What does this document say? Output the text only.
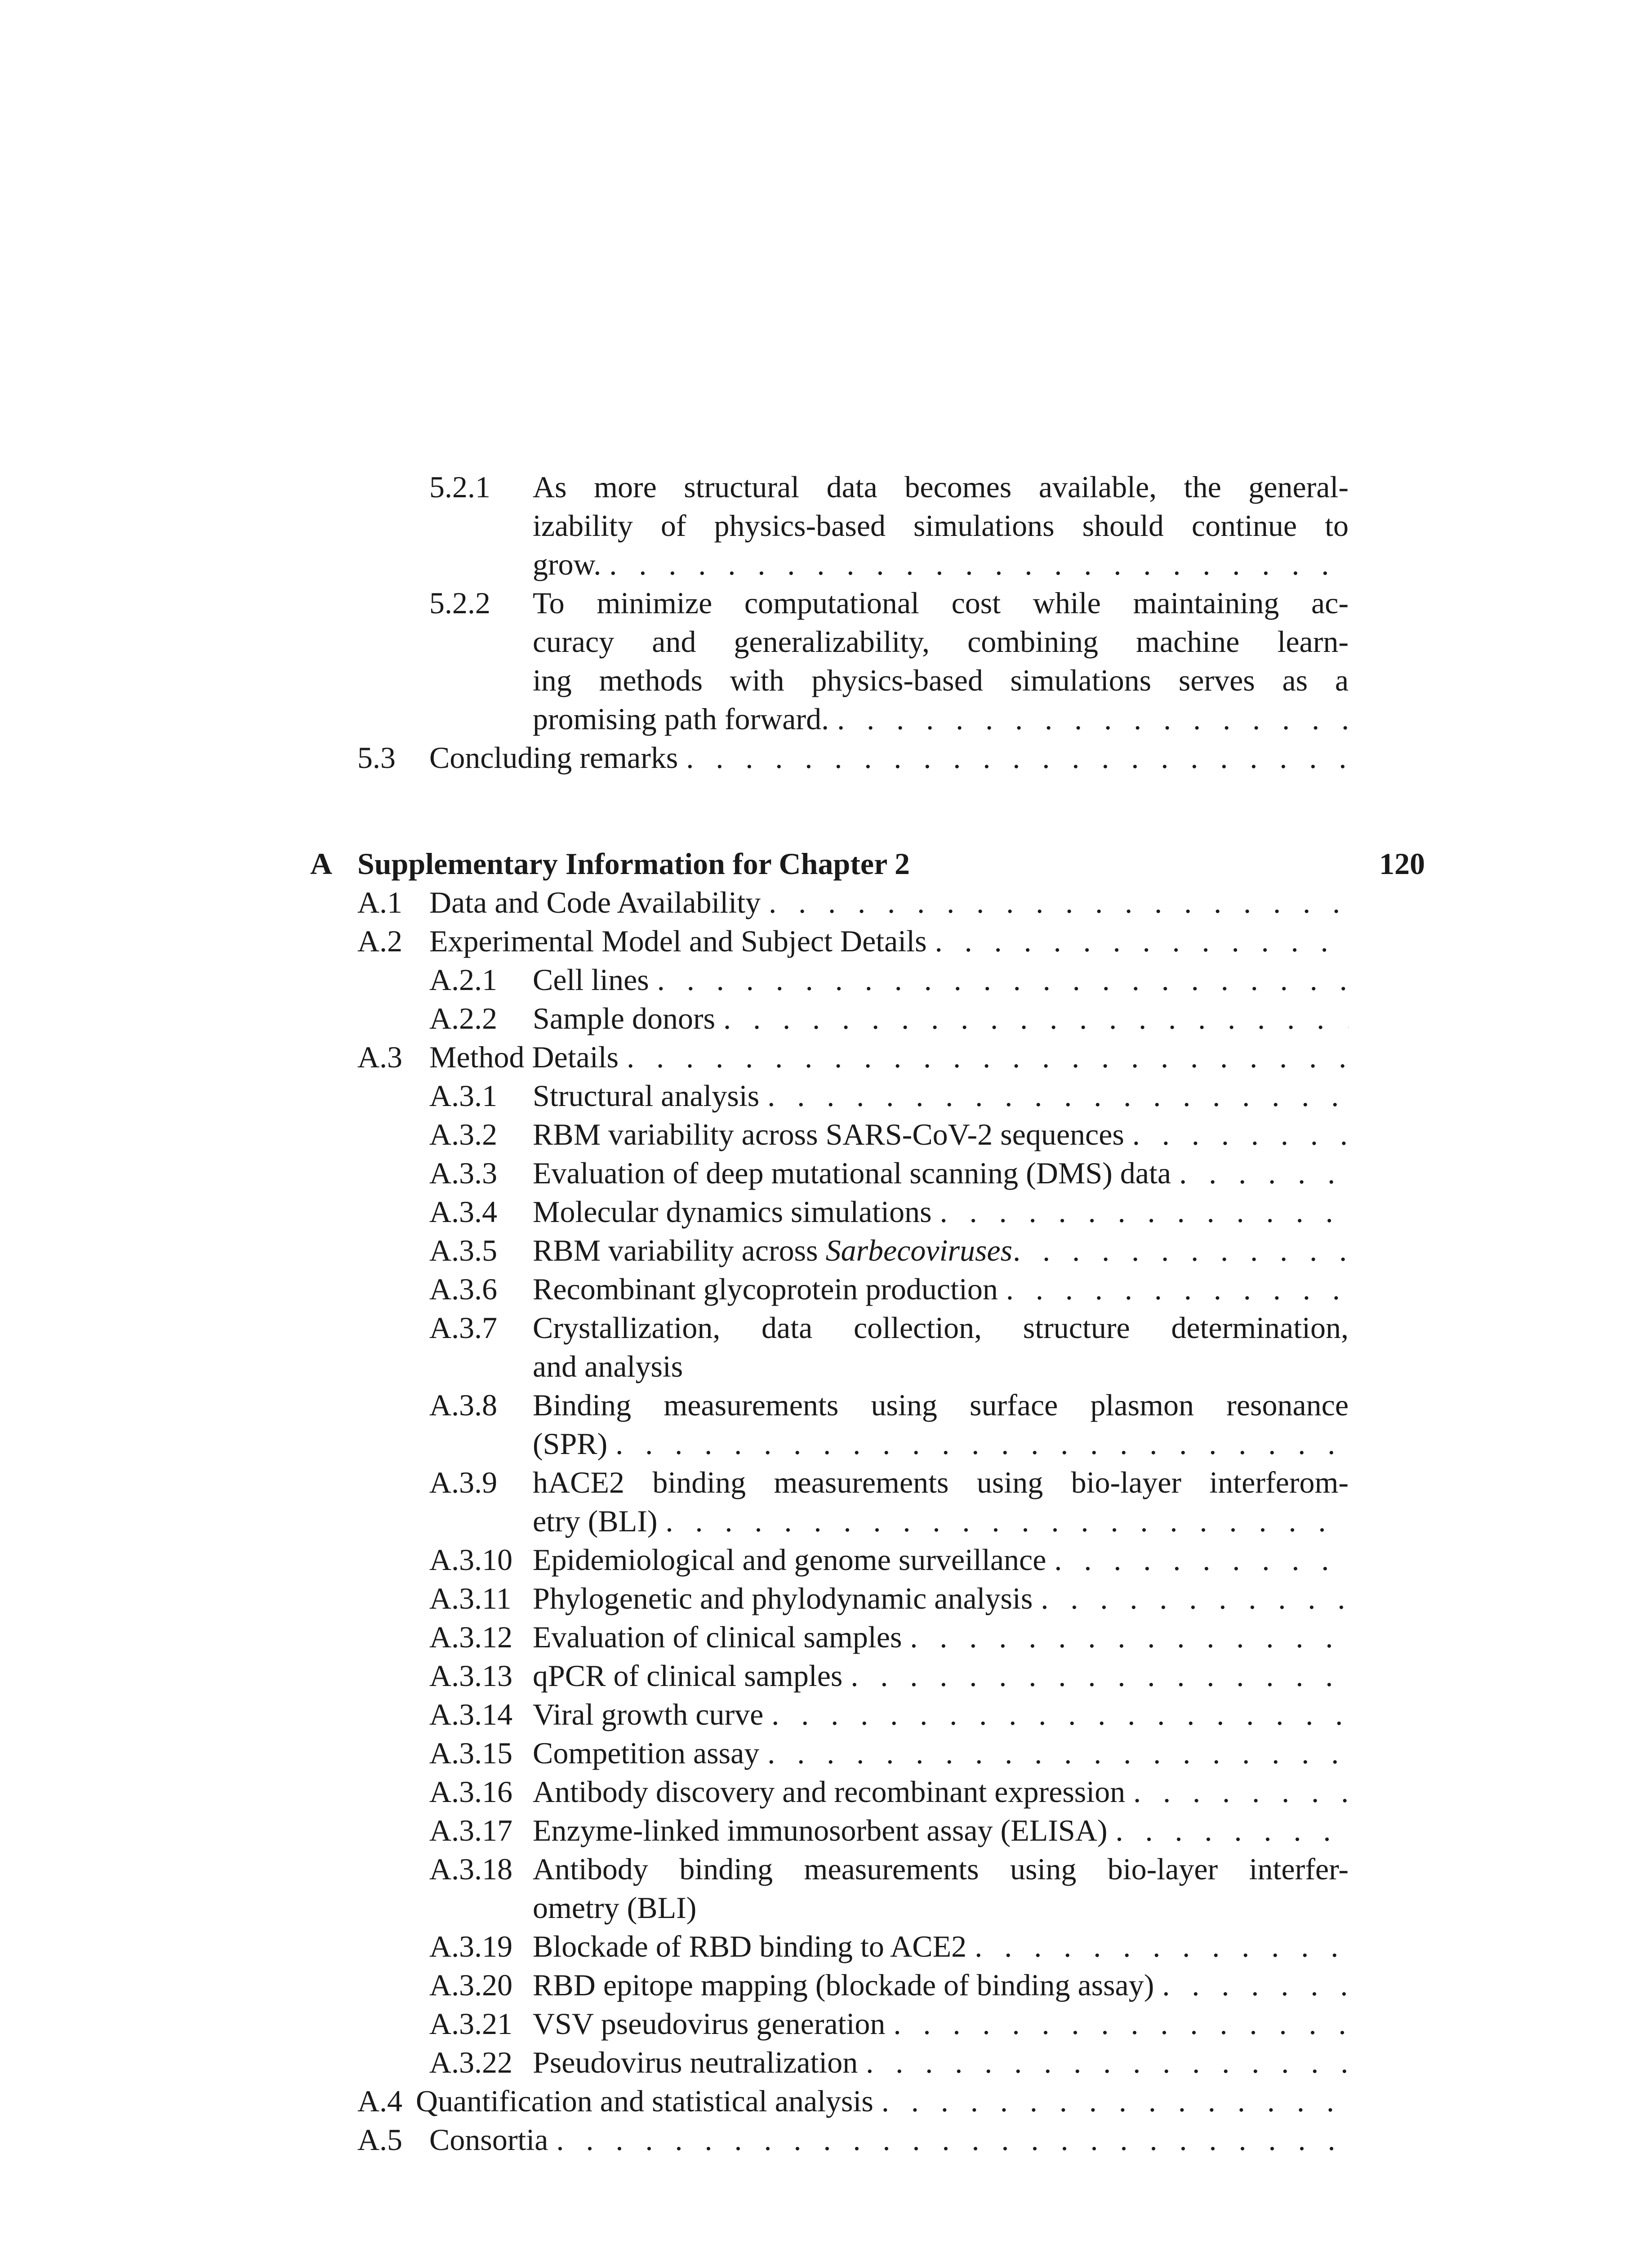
5.2.1 As more structural data becomes available, the general-
izability of physics-based simulations should continue to
grow.
. . .
5.2.2 To minimize computational cost while maintaining ac-
curacy and generalizability, combining machine learn-
ing methods with physics-based simulations serves as a
promising path forward.
. . .
5.3 Concluding remarks
. . .
A Supplementary Information for Chapter 2	120
A.1 Data and Code Availability
. . .
A.2 Experimental Model and Subject Details
. . .
A.2.1 Cell lines
. . .
A.2.2 Sample donors
. . .
A.3 Method Details
. . .
A.3.1 Structural analysis
. . .
A.3.2 RBM variability across SARS-CoV-2 sequences
. . .
A.3.3 Evaluation of deep mutational scanning (DMS) data
. . .
A.3.4 Molecular dynamics simulations
. . .
A.3.5 RBM variability across Sarbecoviruses
. . .
A.3.6 Recombinant glycoprotein production
. . .
A.3.7 Crystallization, data collection, structure determination,
and analysis
A.3.8 Binding measurements using surface plasmon resonance
(SPR)
. . .
A.3.9 hACE2 binding measurements using bio-layer interferom-
etry (BLI)
. . .
A.3.10 Epidemiological and genome surveillance
. . .
A.3.11 Phylogenetic and phylodynamic analysis
. . .
A.3.12 Evaluation of clinical samples
. . .
A.3.13 qPCR of clinical samples
. . .
A.3.14 Viral growth curve
. . .
A.3.15 Competition assay
. . .
A.3.16 Antibody discovery and recombinant expression
. . .
A.3.17 Enzyme-linked immunosorbent assay (ELISA)
. . .
A.3.18 Antibody binding measurements using bio-layer interfer-
ometry (BLI)
A.3.19 Blockade of RBD binding to ACE2
. . .
A.3.20 RBD epitope mapping (blockade of binding assay)
. . .
A.3.21 VSV pseudovirus generation
. . .
A.3.22 Pseudovirus neutralization
. . .
A.4 Quantification and statistical analysis
. . .
A.5 Consortia
. . .
